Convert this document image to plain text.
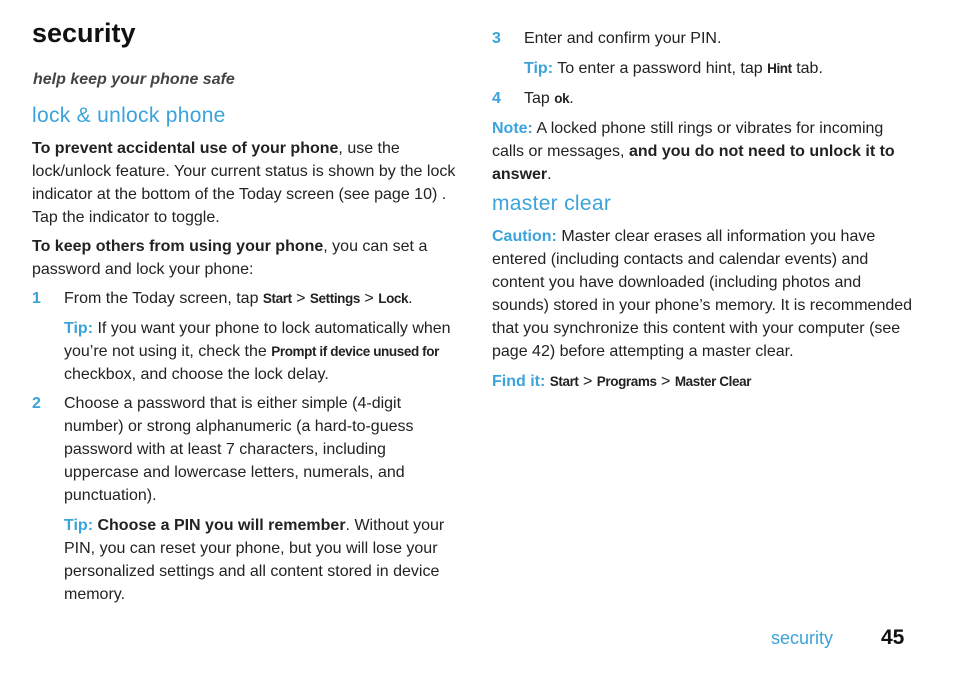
security

help keep your phone safe

lock & unlock phone

To prevent accidental use of your phone, use the lock/unlock feature. Your current status is shown by the lock indicator at the bottom of the Today screen (see page 10) . Tap the indicator to toggle.

To keep others from using your phone, you can set a password and lock your phone:

1 From the Today screen, tap Start > Settings > Lock.

Tip: If you want your phone to lock automatically when you’re not using it, check the Prompt if device unused for checkbox, and choose the lock delay.

2 Choose a password that is either simple (4-digit number) or strong alphanumeric (a hard-to-guess password with at least 7 characters, including uppercase and lowercase letters, numerals, and punctuation).

Tip: Choose a PIN you will remember. Without your PIN, you can reset your phone, but you will lose your personalized settings and all content stored in device memory.

3 Enter and confirm your PIN.

Tip: To enter a password hint, tap Hint tab.

4 Tap ok.

Note: A locked phone still rings or vibrates for incoming calls or messages, and you do not need to unlock it to answer.

master clear

Caution: Master clear erases all information you have entered (including contacts and calendar events) and content you have downloaded (including photos and sounds) stored in your phone’s memory. It is recommended that you synchronize this content with your computer (see page 42) before attempting a master clear.

Find it: Start > Programs > Master Clear

security 45
